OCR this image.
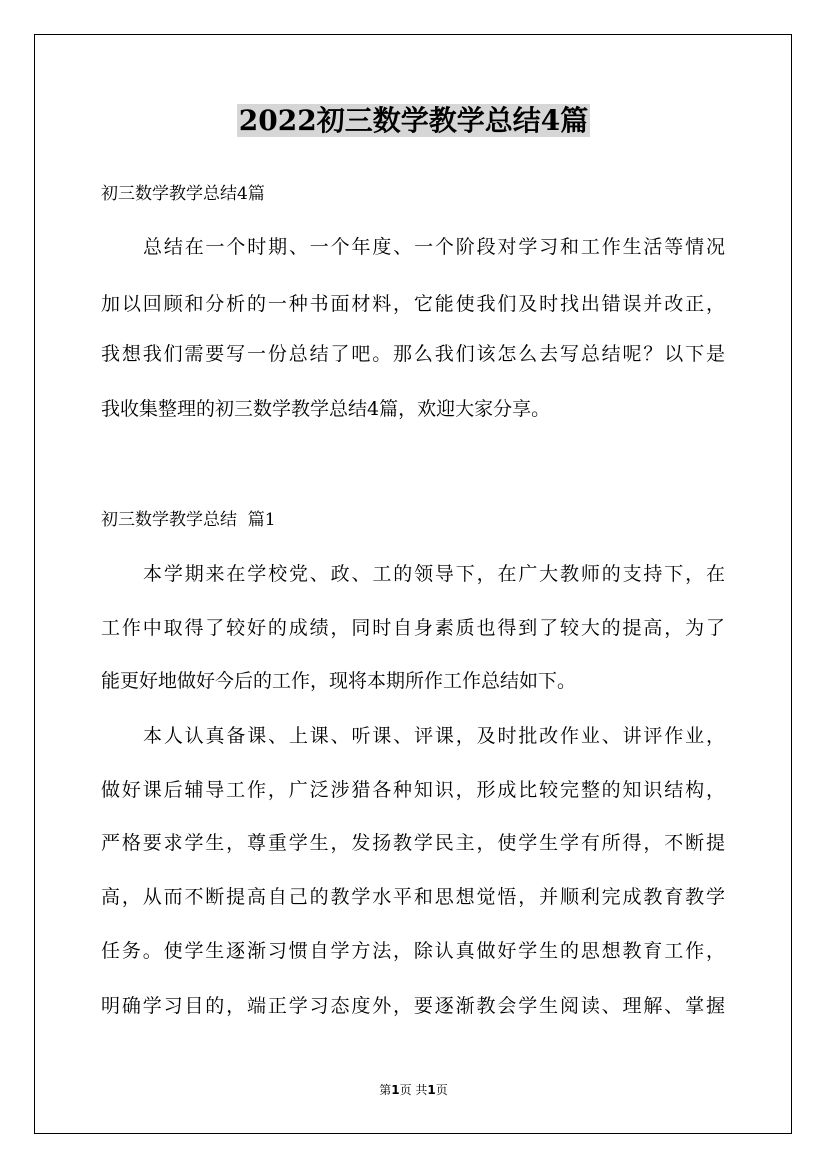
2022初三数学教学总结4篇

初三数学教学总结4篇

总结在一个时期、一个年度、一个阶段对学习和工作生活等情况

加以回顾和分析的一种书面材料，它能使我们及时找出错误并改正，

我想我们需要写一份总结了吧。那么我们该怎么去写总结呢？以下是

我收集整理的初三数学教学总结4篇，欢迎大家分享。

初三数学教学总结  篇1

本学期来在学校党、政、工的领导下，在广大教师的支持下，在

工作中取得了较好的成绩，同时自身素质也得到了较大的提高，为了

能更好地做好今后的工作，现将本期所作工作总结如下。

本人认真备课、上课、听课、评课，及时批改作业、讲评作业，

做好课后辅导工作，广泛涉猎各种知识，形成比较完整的知识结构，

严格要求学生，尊重学生，发扬教学民主，使学生学有所得，不断提

高，从而不断提高自己的教学水平和思想觉悟，并顺利完成教育教学

任务。使学生逐渐习惯自学方法，除认真做好学生的思想教育工作，

明确学习目的，端正学习态度外，要逐渐教会学生阅读、理解、掌握

第1页 共1页
